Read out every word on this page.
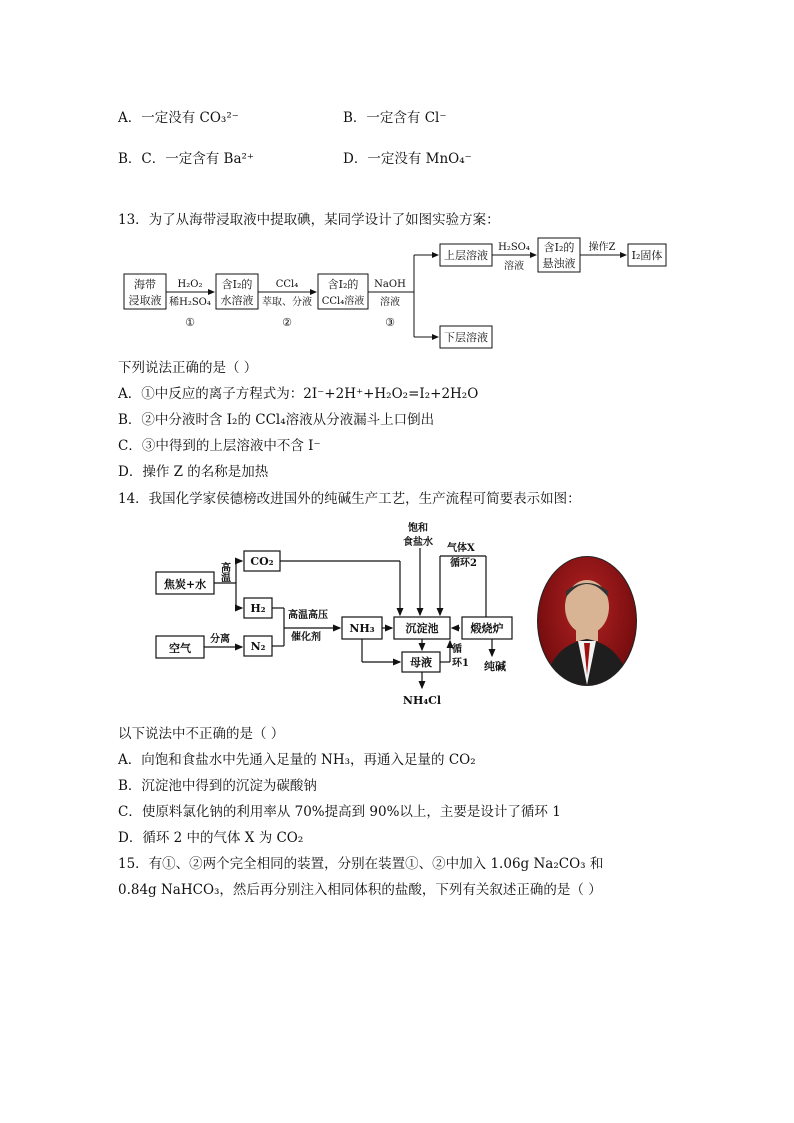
A．一定没有 CO₃²⁻	B．一定含有 Cl⁻
B．C．一定含有 Ba²⁺	D．一定没有 MnO₄⁻
13．为了从海带浸取液中提取碘，某同学设计了如图实验方案：
海带
浸取液
H₂O₂
稀H₂SO₄
①
含I₂的
水溶液
CCl₄
萃取、分液
②
含I₂的
CCl₄溶液
NaOH
溶液
③
上层溶液
下层溶液
H₂SO₄
溶液
含I₂的
悬浊液
操作Z
I₂固体
下列说法正确的是（ ）
A．①中反应的离子方程式为：2I⁻+2H⁺+H₂O₂=I₂+2H₂O
B．②中分液时含 I₂的 CCl₄溶液从分液漏斗上口倒出
C．③中得到的上层溶液中不含 I⁻
D．操作 Z 的名称是加热
14．我国化学家侯德榜改进国外的纯碱生产工艺，生产流程可简要表示如图：
焦炭+水
CO₂
H₂
空气	N₂
NH₃	沉淀池	煅烧炉
母液
NH₄Cl
纯碱
高温
分离
高温高压
催化剂
饱和
食盐水
气体X
循环2
循
环1
以下说法中不正确的是（ ）
A．向饱和食盐水中先通入足量的 NH₃，再通入足量的 CO₂
B．沉淀池中得到的沉淀为碳酸钠
C．使原料氯化钠的利用率从 70%提高到 90%以上，主要是设计了循环 1
D．循环 2 中的气体 X 为 CO₂
15．有①、②两个完全相同的装置，分别在装置①、②中加入 1.06g Na₂CO₃ 和
0.84g NaHCO₃，然后再分别注入相同体积的盐酸，下列有关叙述正确的是（ ）
